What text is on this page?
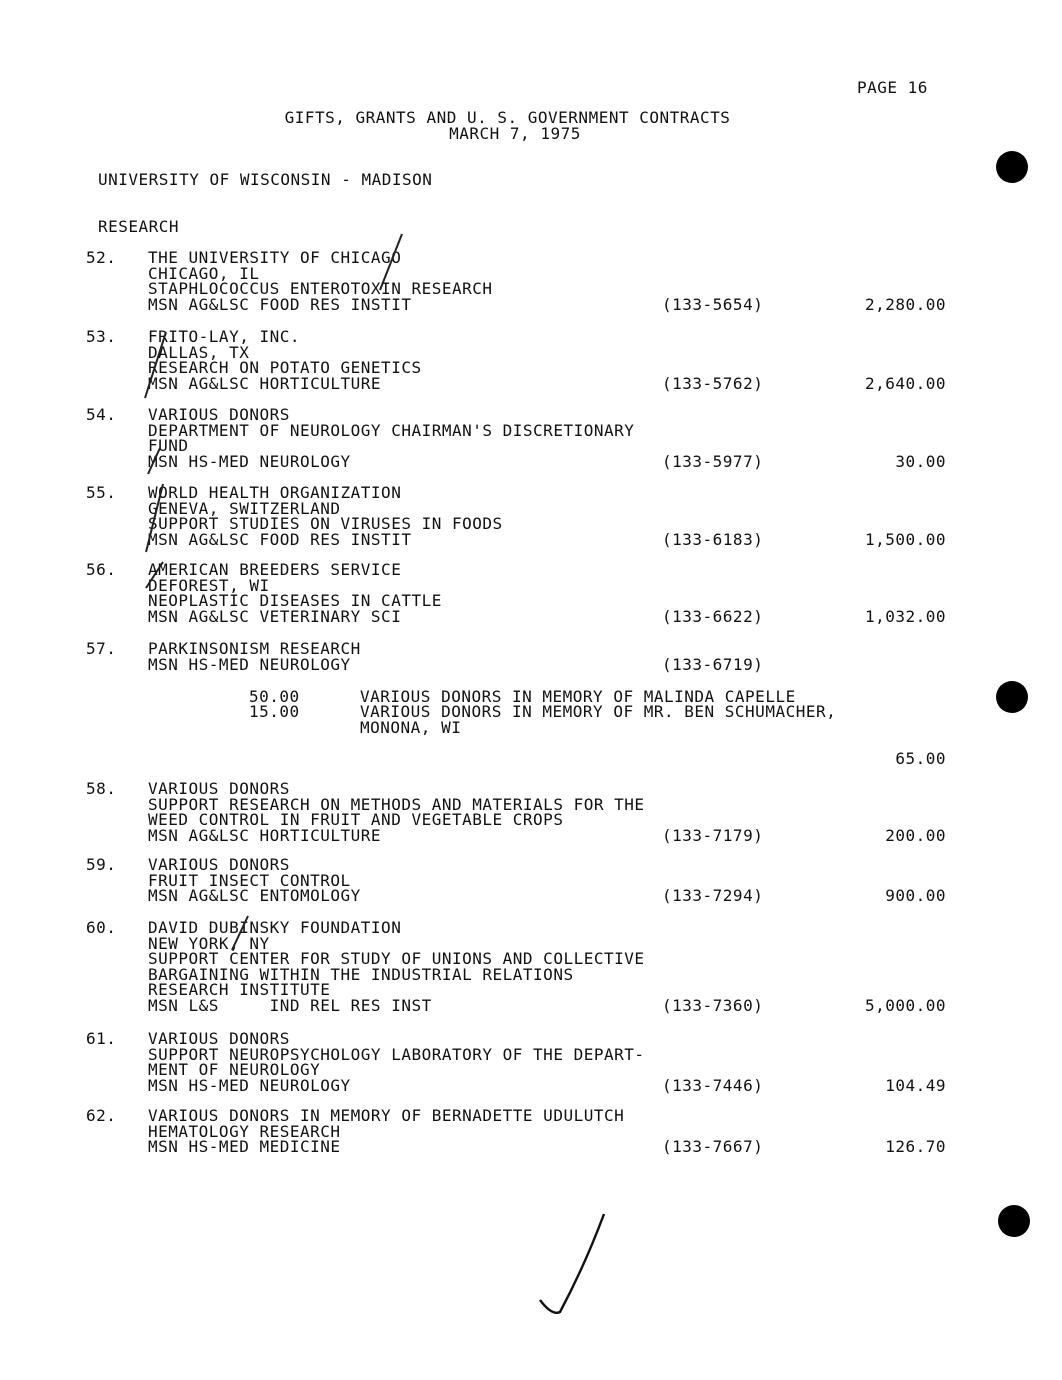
PAGE 16
GIFTS, GRANTS AND U. S. GOVERNMENT CONTRACTS
MARCH 7, 1975
UNIVERSITY OF WISCONSIN - MADISON
RESEARCH
52. THE UNIVERSITY OF CHICAGO
CHICAGO, IL
STAPHLOCOCCUS ENTEROTOXIN RESEARCH
MSN AG&LSC FOOD RES INSTIT	(133-5654)	2,280.00
53. FRITO-LAY, INC.
DALLAS, TX
RESEARCH ON POTATO GENETICS
MSN AG&LSC HORTICULTURE	(133-5762)	2,640.00
54. VARIOUS DONORS
DEPARTMENT OF NEUROLOGY CHAIRMAN'S DISCRETIONARY
FUND
MSN HS-MED NEUROLOGY	(133-5977)	30.00
55. WORLD HEALTH ORGANIZATION
GENEVA, SWITZERLAND
SUPPORT STUDIES ON VIRUSES IN FOODS
MSN AG&LSC FOOD RES INSTIT	(133-6183)	1,500.00
56. AMERICAN BREEDERS SERVICE
DEFOREST, WI
NEOPLASTIC DISEASES IN CATTLE
MSN AG&LSC VETERINARY SCI	(133-6622)	1,032.00
57. PARKINSONISM RESEARCH
MSN HS-MED NEUROLOGY	(133-6719)
50.00	VARIOUS DONORS IN MEMORY OF MALINDA CAPELLE
15.00	VARIOUS DONORS IN MEMORY OF MR. BEN SCHUMACHER,
MONONA, WI
65.00
58. VARIOUS DONORS
SUPPORT RESEARCH ON METHODS AND MATERIALS FOR THE
WEED CONTROL IN FRUIT AND VEGETABLE CROPS
MSN AG&LSC HORTICULTURE	(133-7179)	200.00
59. VARIOUS DONORS
FRUIT INSECT CONTROL
MSN AG&LSC ENTOMOLOGY	(133-7294)	900.00
60. DAVID DUBINSKY FOUNDATION
NEW YORK, NY
SUPPORT CENTER FOR STUDY OF UNIONS AND COLLECTIVE
BARGAINING WITHIN THE INDUSTRIAL RELATIONS
RESEARCH INSTITUTE
MSN L&S     IND REL RES INST	(133-7360)	5,000.00
61. VARIOUS DONORS
SUPPORT NEUROPSYCHOLOGY LABORATORY OF THE DEPART-
MENT OF NEUROLOGY
MSN HS-MED NEUROLOGY	(133-7446)	104.49
62. VARIOUS DONORS IN MEMORY OF BERNADETTE UDULUTCH
HEMATOLOGY RESEARCH
MSN HS-MED MEDICINE	(133-7667)	126.70
